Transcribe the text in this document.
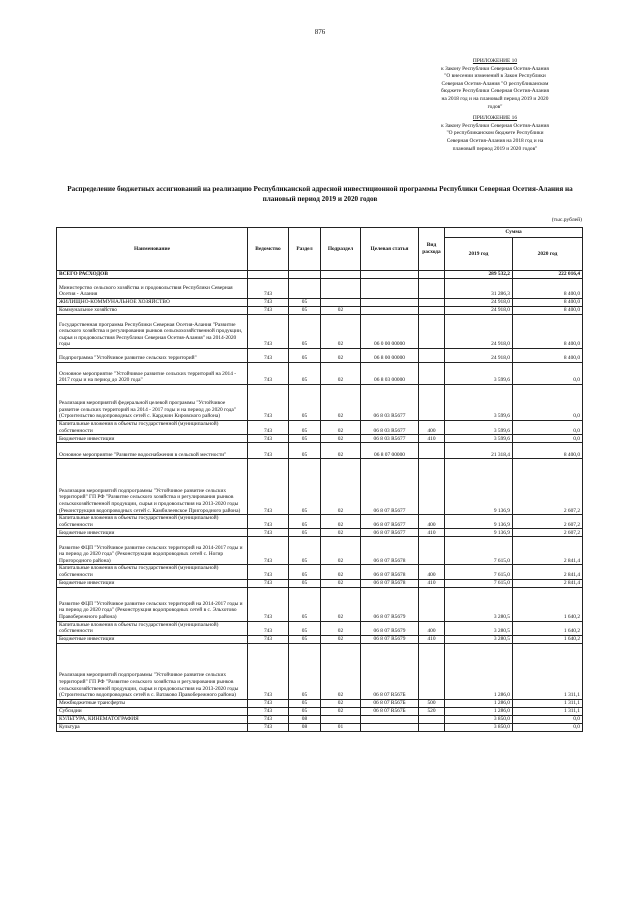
876
ПРИЛОЖЕНИЕ 10
к Закону Республики Северная Осетия-Алания
"О внесении изменений в Закон Республики
Северная Осетия-Алания "О республиканском
бюджете Республики Северная Осетия-Алания
на 2018 год и на плановый период 2019 и 2020
годов"
ПРИЛОЖЕНИЕ 16
к Закону Республики Северная Осетия-Алания
"О республиканском бюджете Республики
Северная Осетия-Алания на 2018 год и на
плановый период 2019 и 2020 годов"
Распределение бюджетных ассигнований на реализацию Республиканской адресной инвестиционной программы Республики Северная Осетия-Алания на плановый период 2019 и 2020 годов
(тыс.рублей)
Наименование	Ведомство	Раздел	Подраздел	Целевая статья	Вид расхода	Сумма	
						2019 год	2020 год
ВСЕГО РАСХОДОВ						289 532,2	222 016,4
Министерство сельского хозяйства и продовольствия Республики Северная Осетия - Алания	743					31 286,3	8 400,0
ЖИЛИЩНО-КОММУНАЛЬНОЕ ХОЗЯЙСТВО	743	05				24 918,0	8 400,0
Коммунальное хозяйство	743	05	02			24 918,0	8 400,0
Государственная программа Республики Северная Осетия-Алания "Развитие сельского хозяйства и регулирования рынков сельскохозяйственной продукции, сырья и продовольствия Республики Северная Осетия-Алания" на 2014-2020 годы	743	05	02	06 0 00 00000		24 918,0	8 400,0
Подпрограмма "Устойчивое развитие сельских территорий"	743	05	02	06 8 00 00000		24 918,0	8 400,0
Основное мероприятие "Устойчивое развитие сельских территорий на 2014 - 2017 годы и на период до 2020 года"	743	05	02	06 8 03 00000		3 599,6	0,0
Реализация мероприятий федеральной целевой программы "Устойчивое развитие сельских территорий на 2014 - 2017 годы и на период до 2020 года" (Строительство водопроводных сетей с. Карджин Кировского района)	743	05	02	06 8 03 R5677		3 599,6	0,0
Капитальные вложения в объекты государственной (муниципальной) собственности	743	05	02	06 8 03 R5677	400	3 599,6	0,0
Бюджетные инвестиции	743	05	02	06 8 03 R5677	410	3 599,6	0,0
Основное мероприятие "Развитие водоснабжения в сельской местности"	743	05	02	06 8 07 00000		21 318,4	8 400,0
Реализация мероприятий подпрограммы "Устойчивое развитие сельских территорий" ГП РФ "Развитие сельского хозяйства и регулирования рынков сельскохозяйственной продукции, сырья и продовольствия на 2013-2020 годы (Реконструкция водопроводных сетей с. Камбилеевское Пригородного района)	743	05	02	06 8 07 R5677		9 136,9	2 607,2
Капитальные вложения в объекты государственной (муниципальной) собственности	743	05	02	06 8 07 R5677	400	9 136,9	2 607,2
Бюджетные инвестиции	743	05	02	06 8 07 R5677	410	9 136,9	2 607,2
Развитие ФЦП "Устойчивое развитие сельских территорий на 2014-2017 годы и на период до 2020 года" (Реконструкция водопроводных сетей с. Ногир Пригородного района)	743	05	02	06 8 07 R5678		7 615,0	2 841,4
Капитальные вложения в объекты государственной (муниципальной) собственности	743	05	02	06 8 07 R5678	400	7 615,0	2 841,4
Бюджетные инвестиции	743	05	02	06 8 07 R5678	410	7 615,0	2 841,4
Развитие ФЦП "Устойчивое развитие сельских территорий на 2014-2017 годы и на период до 2020 года" (Реконструкция водопроводных сетей в с. Эльхотово Правобережного района)	743	05	02	06 8 07 R5679		3 280,5	1 640,2
Капитальные вложения в объекты государственной (муниципальной) собственности	743	05	02	06 8 07 R5679	400	3 280,5	1 640,2
Бюджетные инвестиции	743	05	02	06 8 07 R5679	410	3 280,5	1 640,2
Реализация мероприятий подпрограммы "Устойчивое развитие сельских территорий" ГП РФ "Развитие сельского хозяйства и регулирования рынков сельскохозяйственной продукции, сырья и продовольствия на 2013-2020 годы (Строительство водопроводных сетей в с. Ватаково Правобережного района)	743	05	02	06 8 07 R567Б		1 286,0	1 311,1
Межбюджетные трансферты	743	05	02	06 8 07 R567Б	500	1 286,0	1 311,1
Субсидии	743	05	02	06 8 07 R567Б	520	1 286,0	1 311,1
КУЛЬТУРА, КИНЕМАТОГРАФИЯ	743	08				3 850,0	0,0
Культура	743	08	01			3 850,0	0,0
